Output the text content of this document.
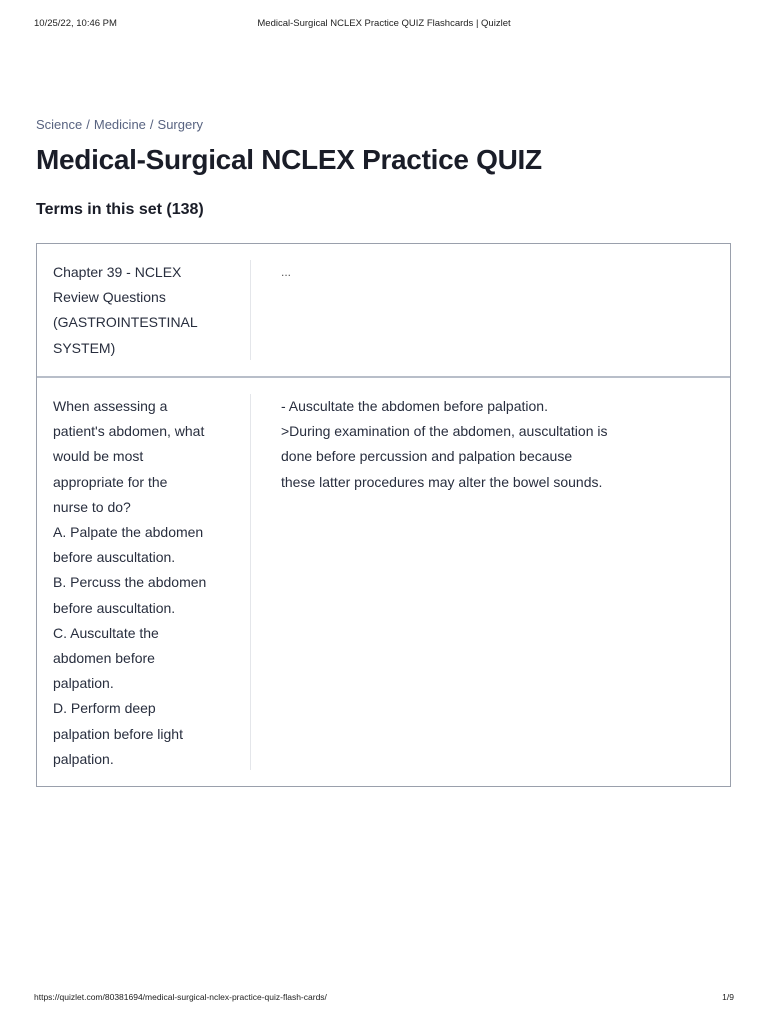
10/25/22, 10:46 PM	Medical-Surgical NCLEX Practice QUIZ Flashcards | Quizlet
Science / Medicine / Surgery
Medical-Surgical NCLEX Practice QUIZ
Terms in this set (138)
Chapter 39 - NCLEX
Review Questions
(GASTROINTESTINAL
SYSTEM)
...
When assessing a
patient's abdomen, what
would be most
appropriate for the
nurse to do?
A. Palpate the abdomen
before auscultation.
B. Percuss the abdomen
before auscultation.
C. Auscultate the
abdomen before
palpation.
D. Perform deep
palpation before light
palpation.
- Auscultate the abdomen before palpation.
>During examination of the abdomen, auscultation is
done before percussion and palpation because
these latter procedures may alter the bowel sounds.
https://quizlet.com/80381694/medical-surgical-nclex-practice-quiz-flash-cards/	1/9
